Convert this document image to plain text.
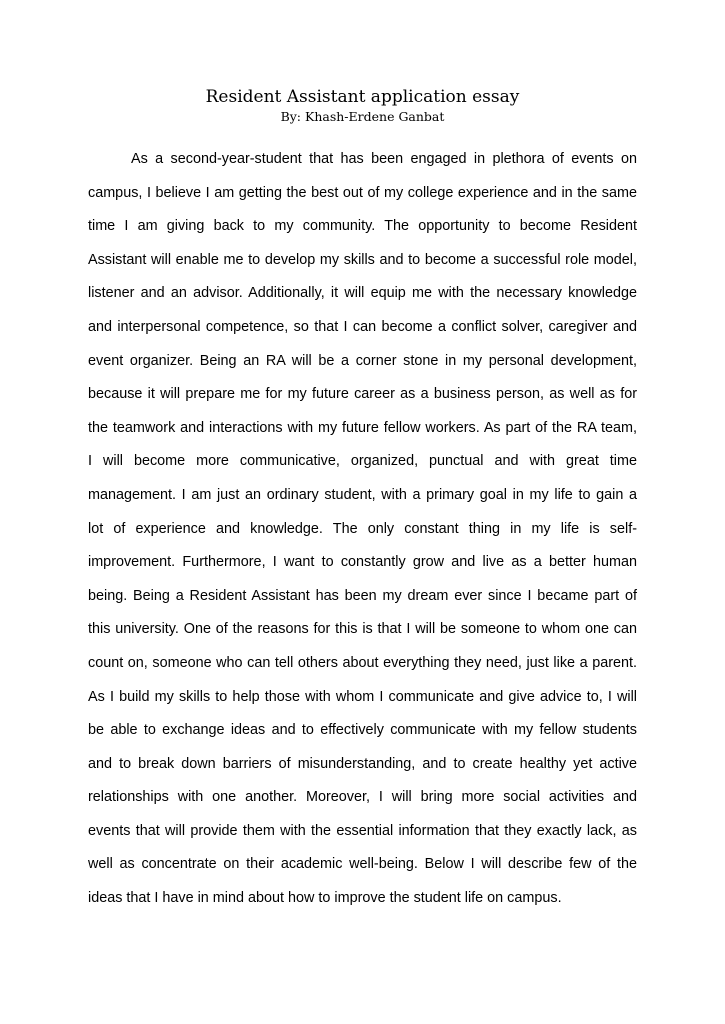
Resident Assistant application essay
By: Khash-Erdene Ganbat
As a second-year-student that has been engaged in plethora of events on
campus, I believe I am getting the best out of my college experience and in the same
time I am giving back to my community. The opportunity to become Resident
Assistant will enable me to develop my skills and to become a successful role model,
listener and an advisor. Additionally, it will equip me with the necessary knowledge
and interpersonal competence, so that I can become a conflict solver, caregiver and
event organizer. Being an RA will be a corner stone in my personal development,
because it will prepare me for my future career as a business person, as well as for
the teamwork and interactions with my future fellow workers. As part of the RA team,
I will become more communicative, organized, punctual and with great time
management. I am just an ordinary student, with a primary goal in my life to gain a
lot of experience and knowledge. The only constant thing in my life is self-
improvement. Furthermore, I want to constantly grow and live as a better human
being. Being a Resident Assistant has been my dream ever since I became part of
this university. One of the reasons for this is that I will be someone to whom one can
count on, someone who can tell others about everything they need, just like a parent.
As I build my skills to help those with whom I communicate and give advice to, I will
be able to exchange ideas and to effectively communicate with my fellow students
and to break down barriers of misunderstanding, and to create healthy yet active
relationships with one another. Moreover, I will bring more social activities and
events that will provide them with the essential information that they exactly lack, as
well as concentrate on their academic well-being. Below I will describe few of the
ideas that I have in mind about how to improve the student life on campus.
